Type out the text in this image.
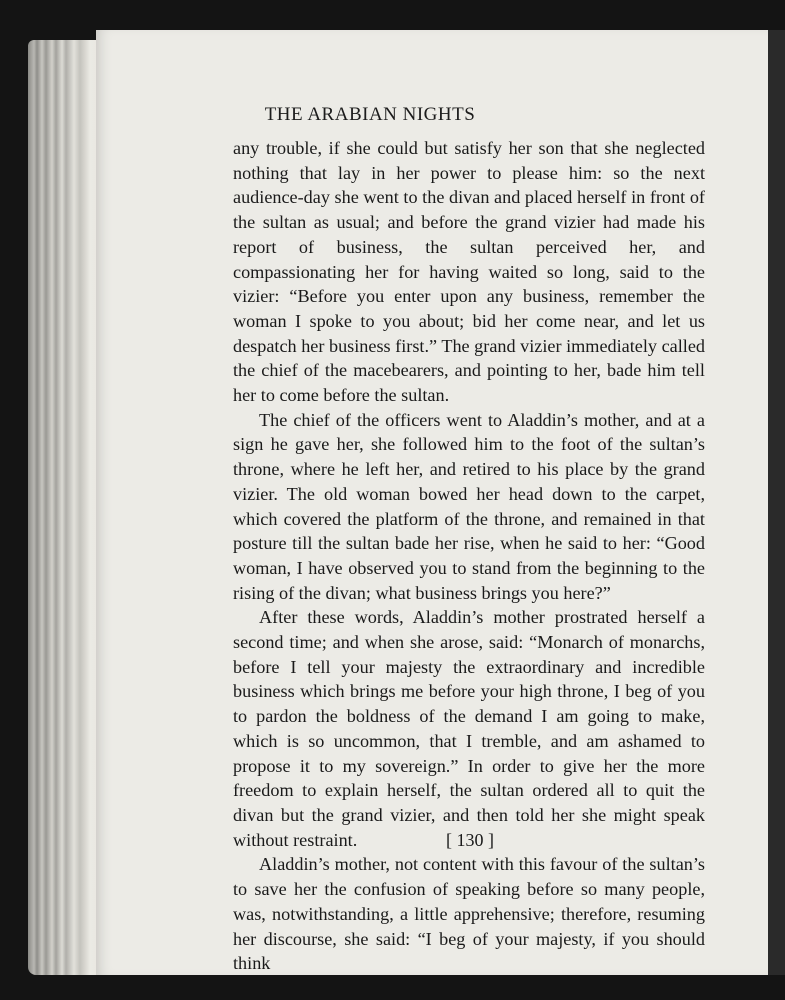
THE ARABIAN NIGHTS

any trouble, if she could but satisfy her son that she neglected nothing that lay in her power to please him: so the next audience-day she went to the divan and placed herself in front of the sultan as usual; and before the grand vizier had made his report of business, the sultan perceived her, and compassionating her for having waited so long, said to the vizier: “Before you enter upon any business, remember the woman I spoke to you about; bid her come near, and let us despatch her business first.” The grand vizier immediately called the chief of the macebearers, and pointing to her, bade him tell her to come before the sultan.

The chief of the officers went to Aladdin’s mother, and at a sign he gave her, she followed him to the foot of the sultan’s throne, where he left her, and retired to his place by the grand vizier. The old woman bowed her head down to the carpet, which covered the platform of the throne, and remained in that posture till the sultan bade her rise, when he said to her: “Good woman, I have observed you to stand from the beginning to the rising of the divan; what business brings you here?”

After these words, Aladdin’s mother prostrated herself a second time; and when she arose, said: “Monarch of monarchs, before I tell your majesty the extraordinary and incredible business which brings me before your high throne, I beg of you to pardon the boldness of the demand I am going to make, which is so uncommon, that I tremble, and am ashamed to propose it to my sovereign.” In order to give her the more freedom to explain herself, the sultan ordered all to quit the divan but the grand vizier, and then told her she might speak without restraint.

Aladdin’s mother, not content with this favour of the sultan’s to save her the confusion of speaking before so many people, was, notwithstanding, a little apprehensive; therefore, resuming her discourse, she said: “I beg of your majesty, if you should think

[ 130 ]
